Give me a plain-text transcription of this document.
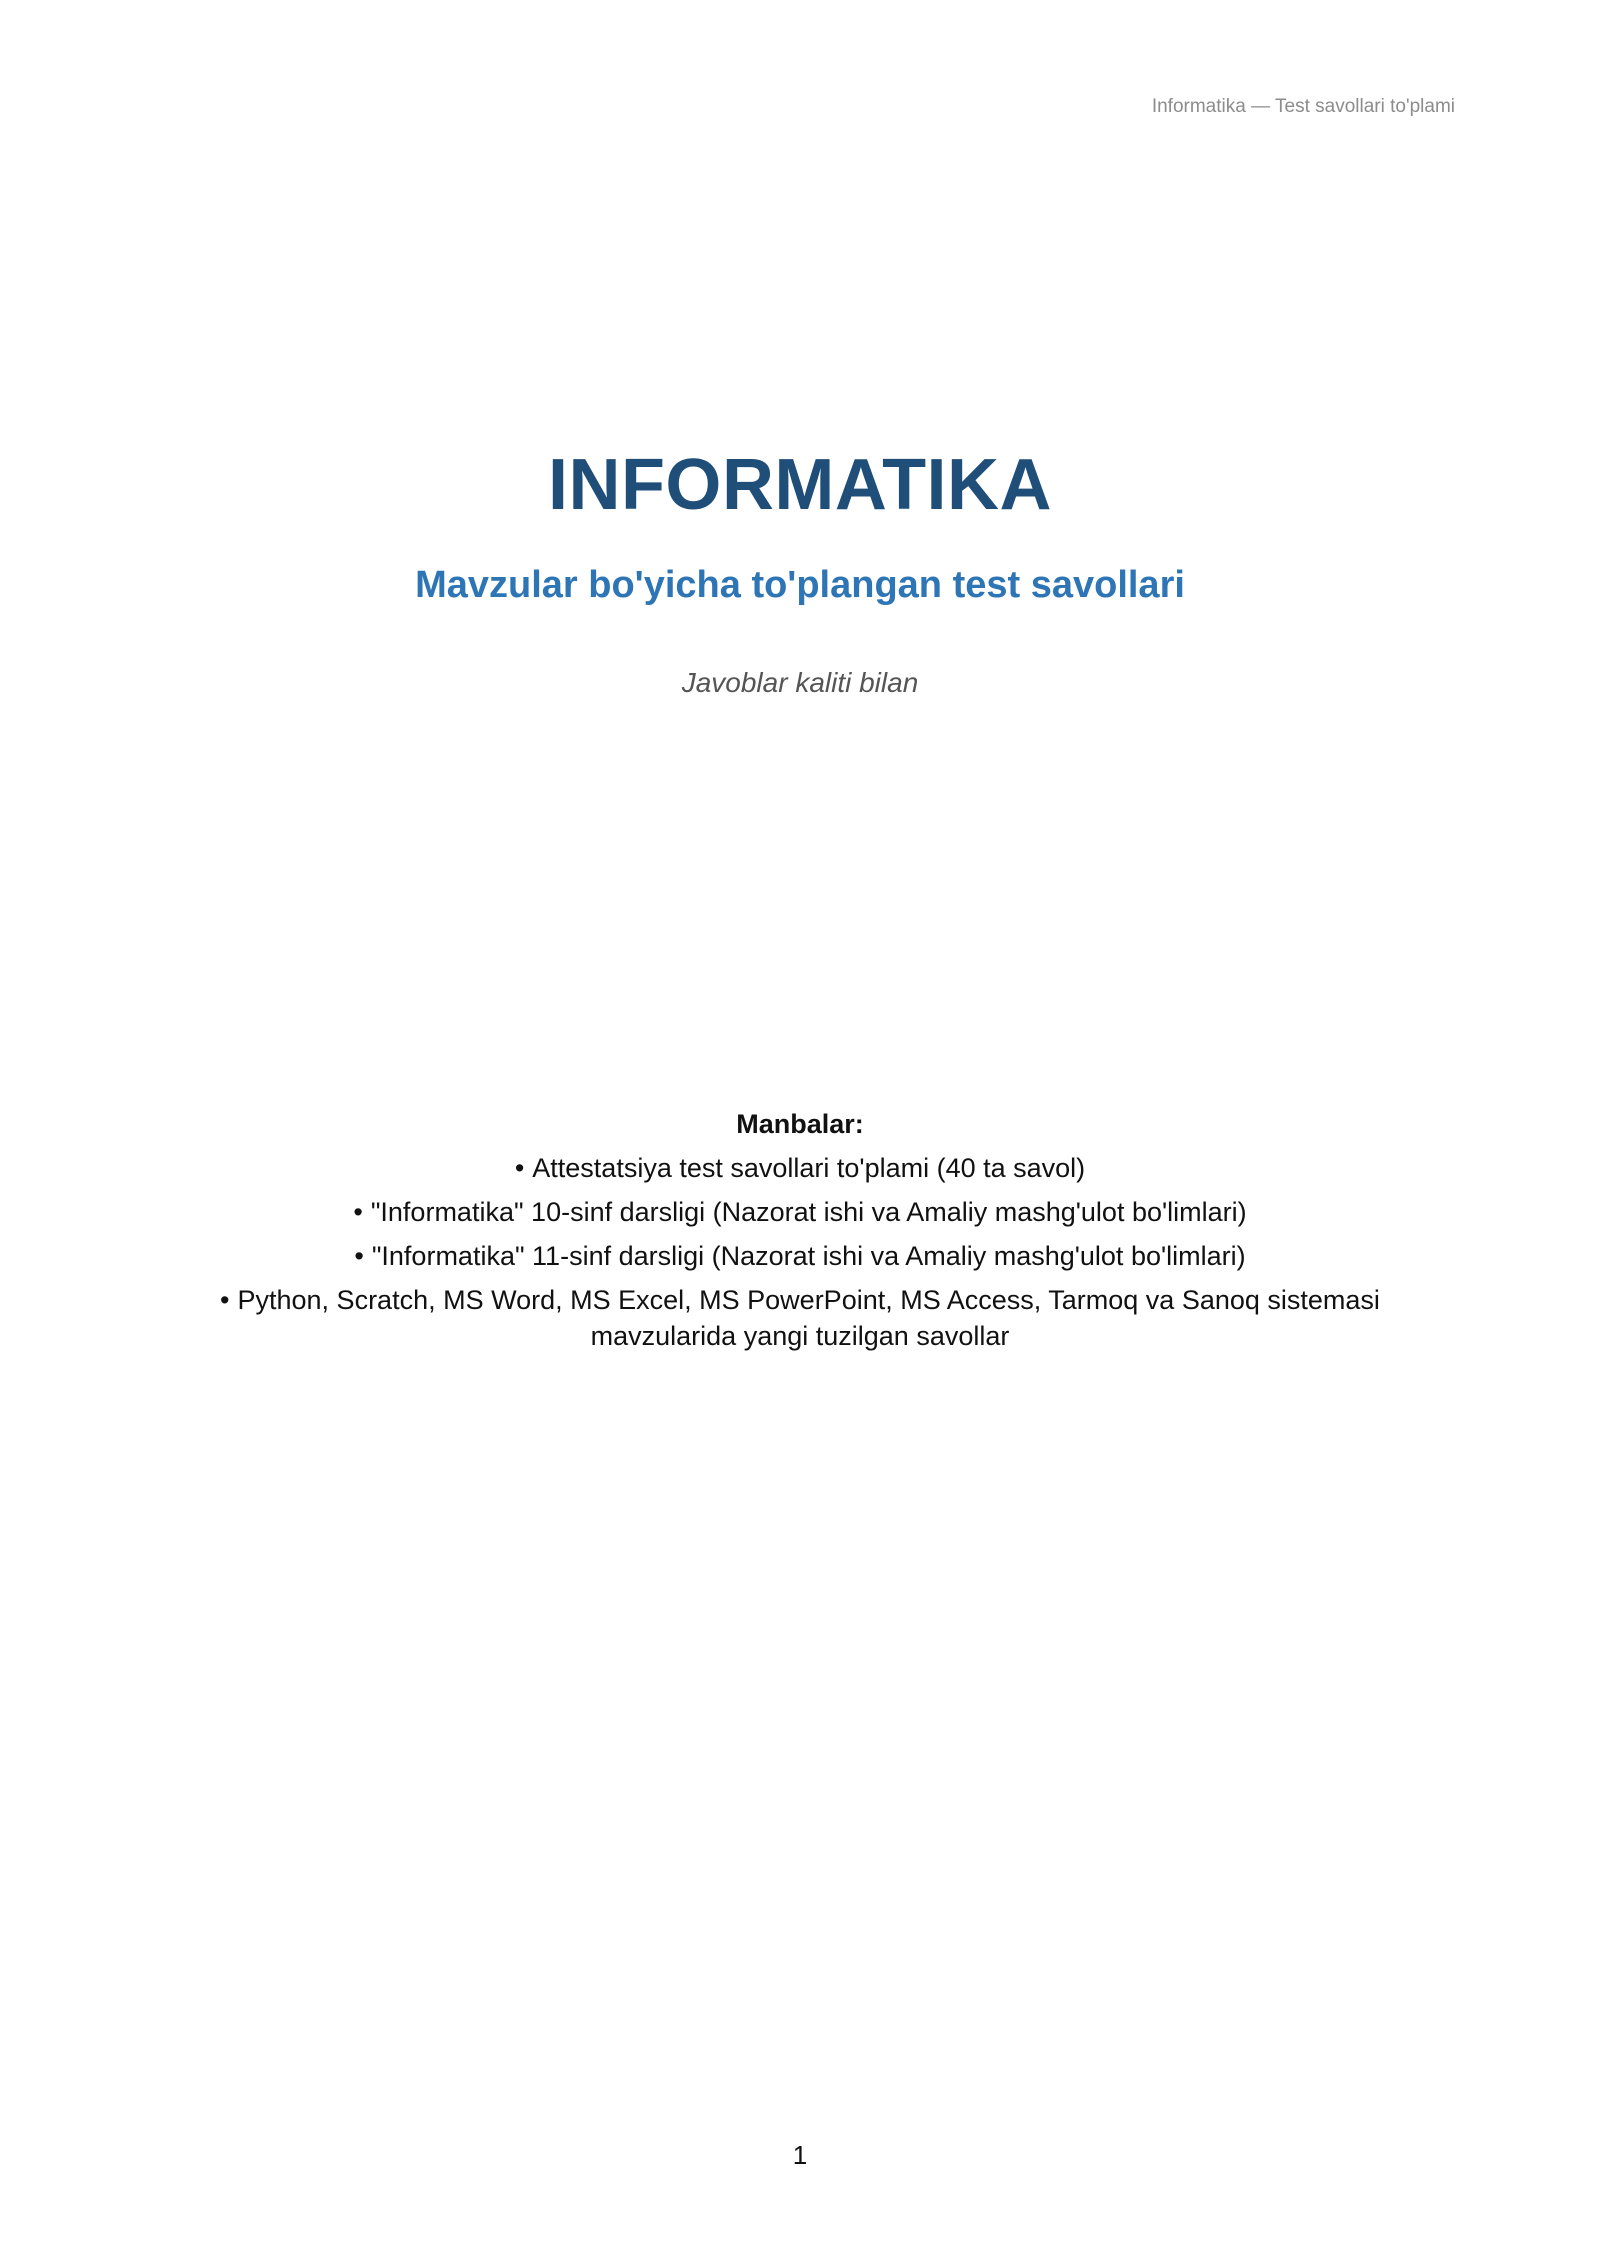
Informatika — Test savollari to'plami
INFORMATIKA
Mavzular bo'yicha to'plangan test savollari
Javoblar kaliti bilan
Manbalar:
• Attestatsiya test savollari to'plami (40 ta savol)
• "Informatika" 10-sinf darsligi (Nazorat ishi va Amaliy mashg'ulot bo'limlari)
• "Informatika" 11-sinf darsligi (Nazorat ishi va Amaliy mashg'ulot bo'limlari)
• Python, Scratch, MS Word, MS Excel, MS PowerPoint, MS Access, Tarmoq va Sanoq sistemasi mavzularida yangi tuzilgan savollar
1
